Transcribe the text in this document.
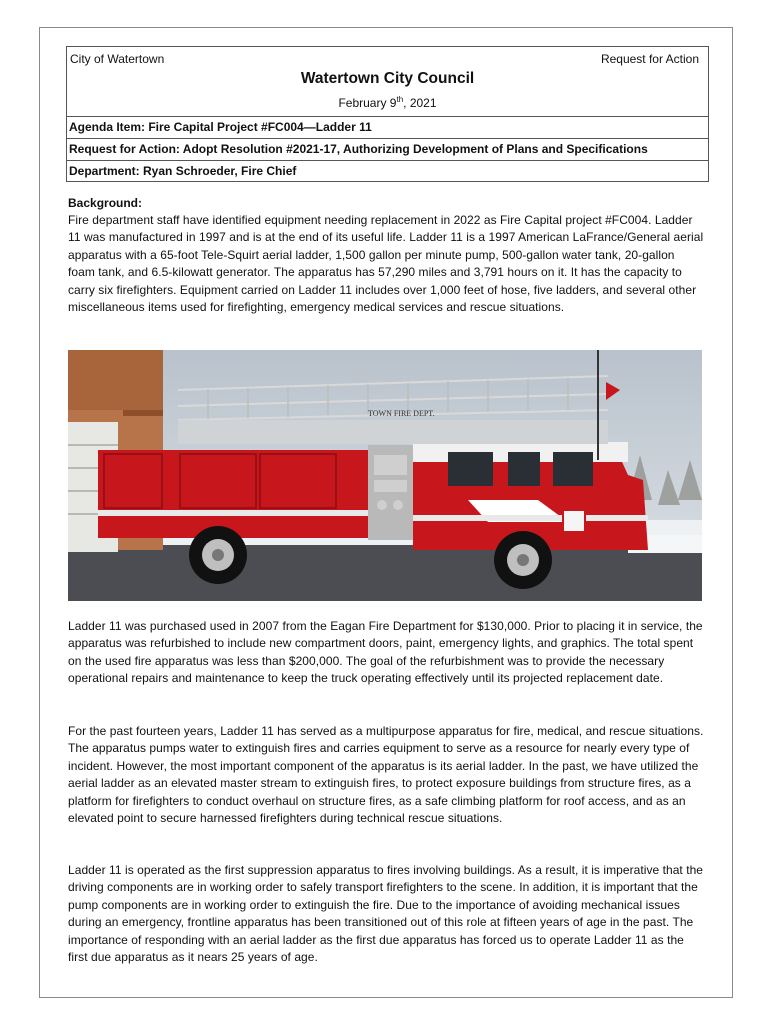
City of Watertown	Request for Action
Watertown City Council
February 9th, 2021
Agenda Item: Fire Capital Project #FC004—Ladder 11
Request for Action: Adopt Resolution #2021-17, Authorizing Development of Plans and Specifications
Department: Ryan Schroeder, Fire Chief
Background:
Fire department staff have identified equipment needing replacement in 2022 as Fire Capital project #FC004. Ladder 11 was manufactured in 1997 and is at the end of its useful life. Ladder 11 is a 1997 American LaFrance/General aerial apparatus with a 65-foot Tele-Squirt aerial ladder, 1,500 gallon per minute pump, 500-gallon water tank, 20-gallon foam tank, and 6.5-kilowatt generator. The apparatus has 57,290 miles and 3,791 hours on it. It has the capacity to carry six firefighters. Equipment carried on Ladder 11 includes over 1,000 feet of hose, five ladders, and several other miscellaneous items used for firefighting, emergency medical services and rescue situations.
TOWN FIRE DEPT.
Ladder 11 was purchased used in 2007 from the Eagan Fire Department for $130,000. Prior to placing it in service, the apparatus was refurbished to include new compartment doors, paint, emergency lights, and graphics. The total spent on the used fire apparatus was less than $200,000. The goal of the refurbishment was to provide the necessary operational repairs and maintenance to keep the truck operating effectively until its projected replacement date.
For the past fourteen years, Ladder 11 has served as a multipurpose apparatus for fire, medical, and rescue situations. The apparatus pumps water to extinguish fires and carries equipment to serve as a resource for nearly every type of incident. However, the most important component of the apparatus is its aerial ladder. In the past, we have utilized the aerial ladder as an elevated master stream to extinguish fires, to protect exposure buildings from structure fires, as a platform for firefighters to conduct overhaul on structure fires, as a safe climbing platform for roof access, and as an elevated point to secure harnessed firefighters during technical rescue situations.
Ladder 11 is operated as the first suppression apparatus to fires involving buildings. As a result, it is imperative that the driving components are in working order to safely transport firefighters to the scene. In addition, it is important that the pump components are in working order to extinguish the fire. Due to the importance of avoiding mechanical issues during an emergency, frontline apparatus has been transitioned out of this role at fifteen years of age in the past. The importance of responding with an aerial ladder as the first due apparatus has forced us to operate Ladder 11 as the first due apparatus as it nears 25 years of age.
